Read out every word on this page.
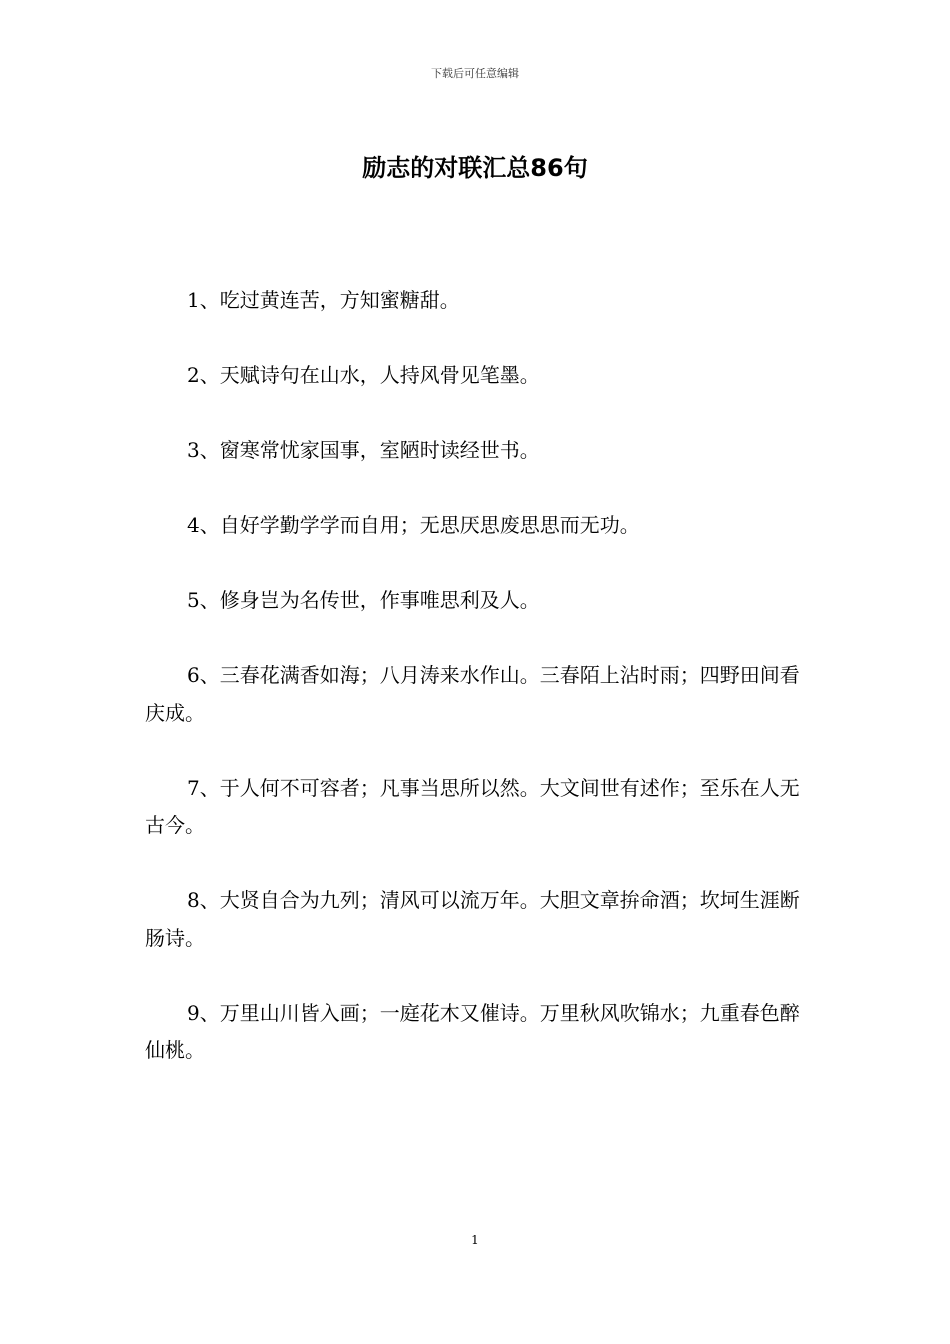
下载后可任意编辑
励志的对联汇总86句

1、吃过黄连苦，方知蜜糖甜。

2、天赋诗句在山水，人持风骨见笔墨。

3、窗寒常忧家国事，室陋时读经世书。

4、自好学勤学学而自用；无思厌思废思思而无功。

5、修身岂为名传世，作事唯思利及人。

6、三春花满香如海；八月涛来水作山。三春陌上沾时雨；四野田间看庆成。

7、于人何不可容者；凡事当思所以然。大文间世有述作；至乐在人无古今。

8、大贤自合为九列；清风可以流万年。大胆文章拚命酒；坎坷生涯断肠诗。

9、万里山川皆入画；一庭花木又催诗。万里秋风吹锦水；九重春色醉仙桃。

1
